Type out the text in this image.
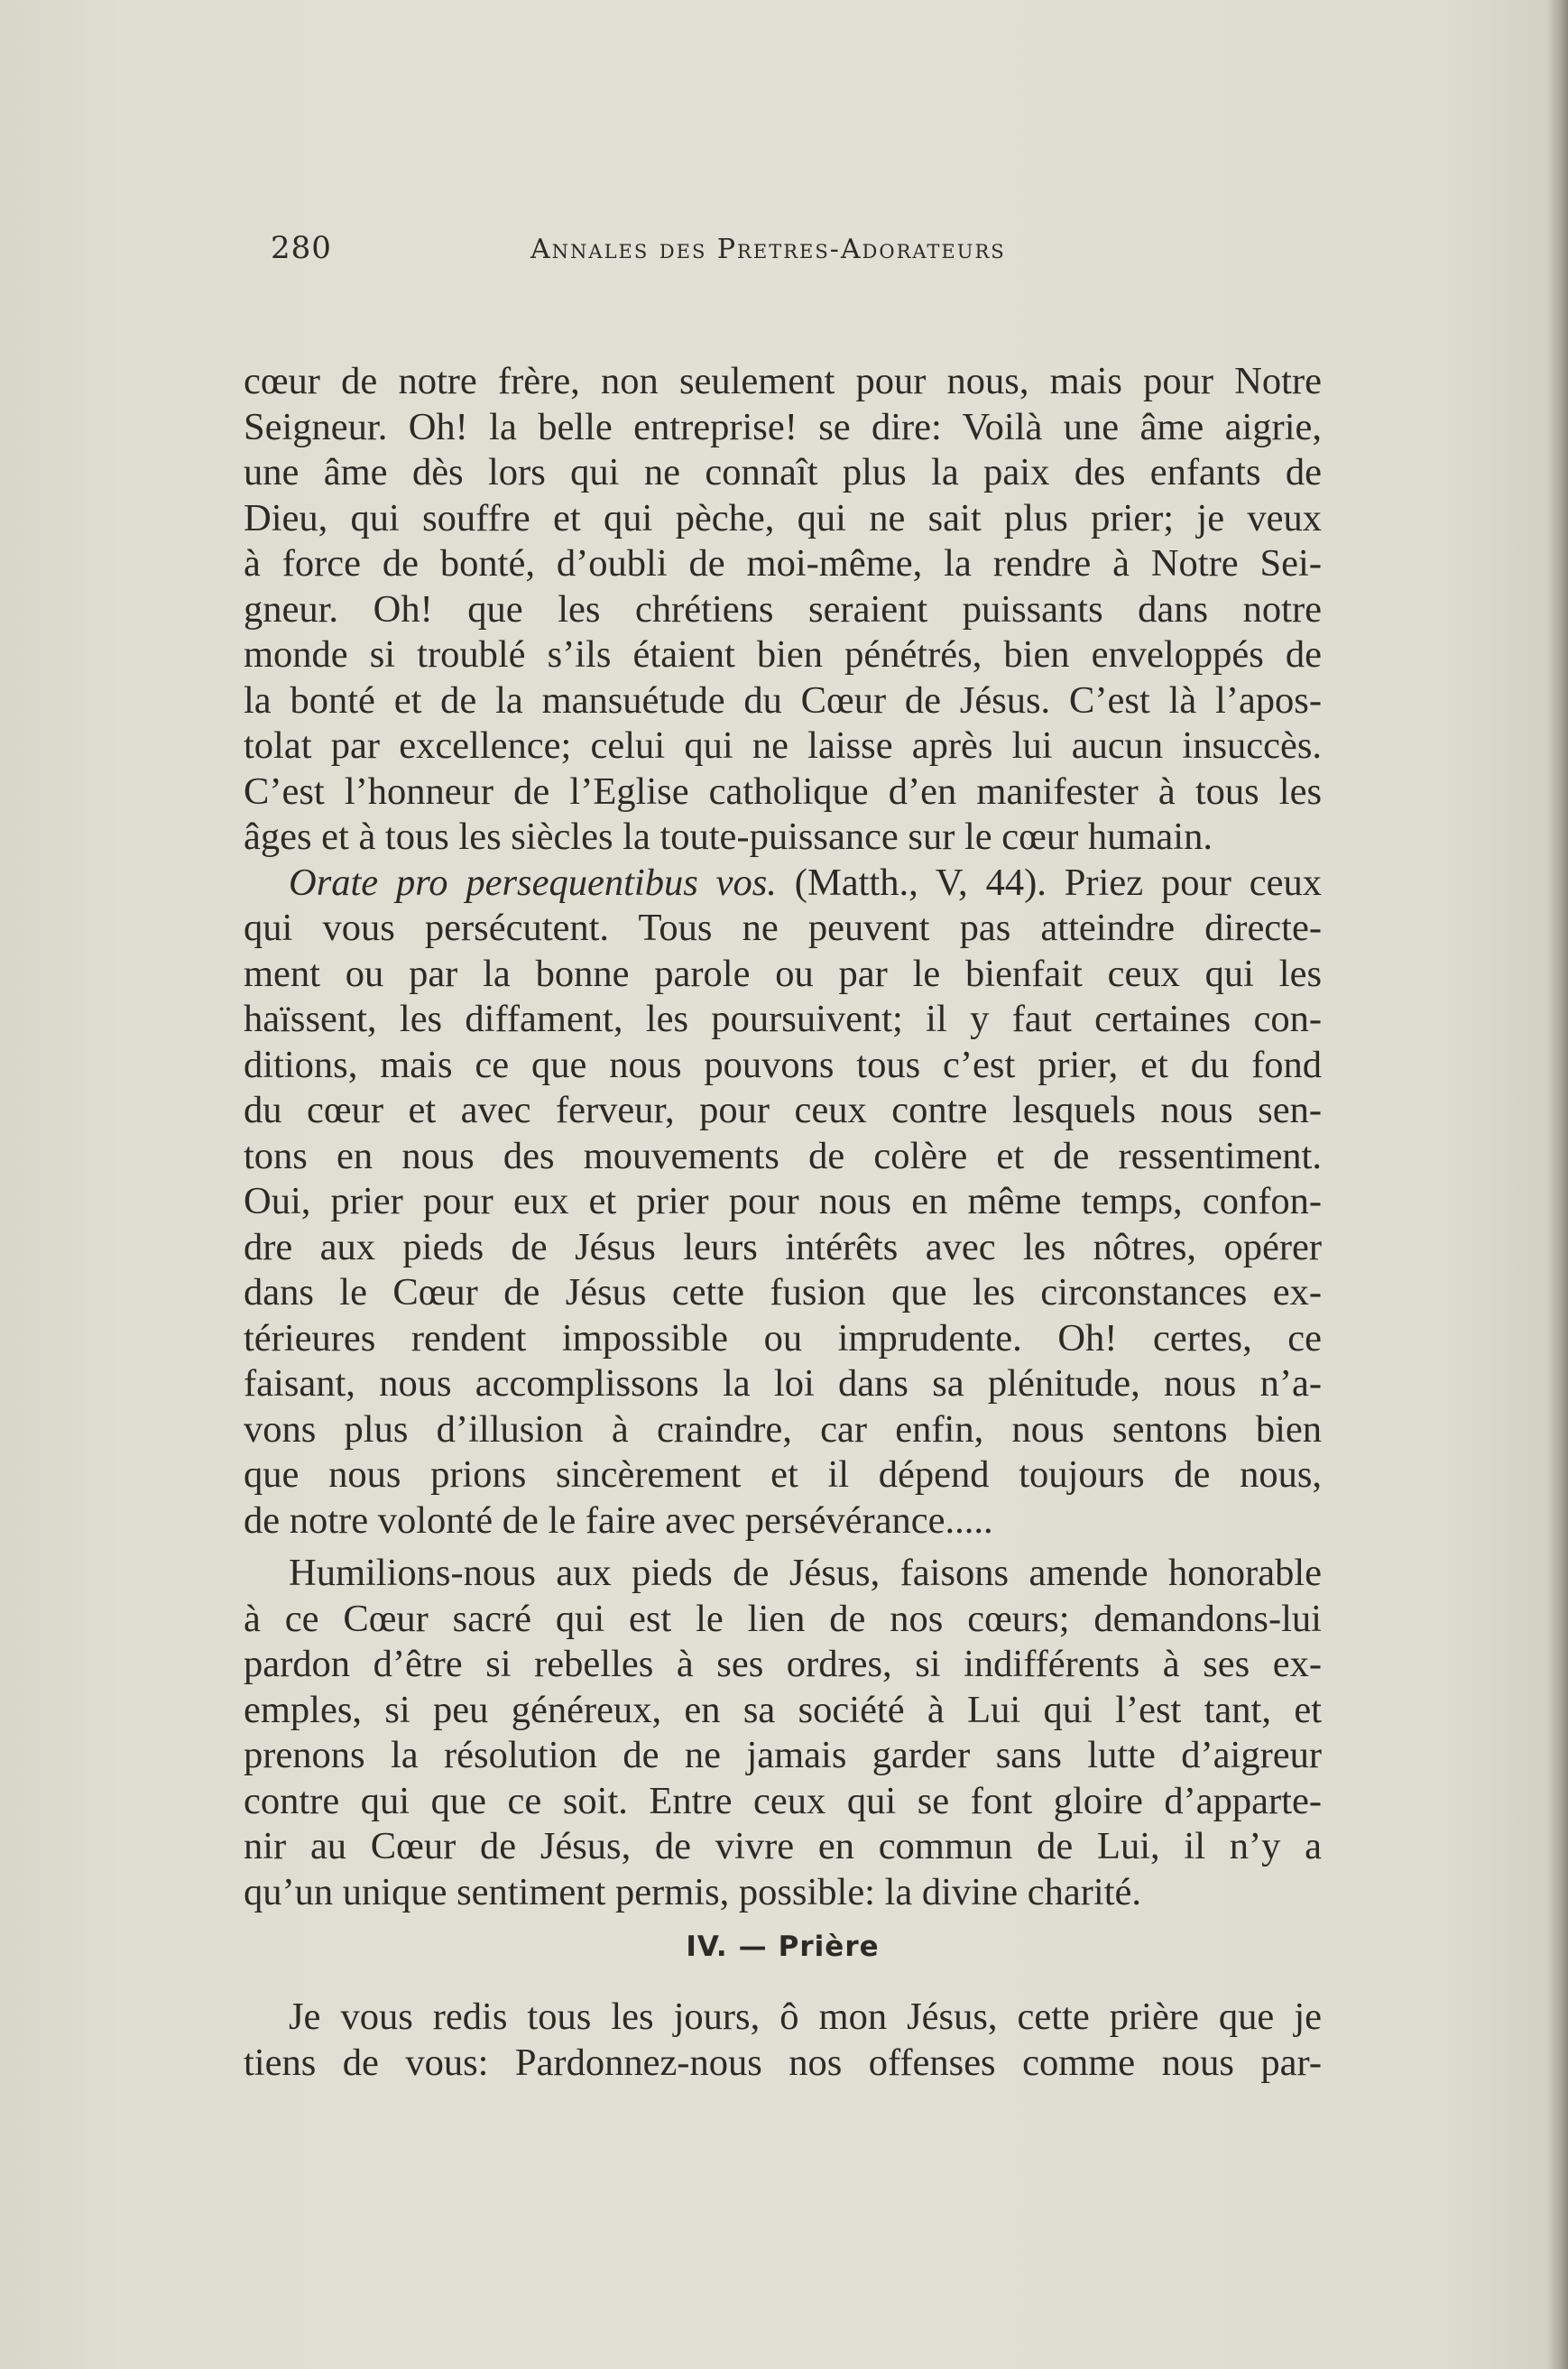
280	Annales des Pretres-Adorateurs

cœur de notre frère, non seulement pour nous, mais pour Notre

Seigneur. Oh! la belle entreprise! se dire: Voilà une âme aigrie,

une âme dès lors qui ne connaît plus la paix des enfants de

Dieu, qui souffre et qui pèche, qui ne sait plus prier; je veux

à force de bonté, d’oubli de moi-même, la rendre à Notre Sei-

gneur. Oh! que les chrétiens seraient puissants dans notre

monde si troublé s’ils étaient bien pénétrés, bien enveloppés de

la bonté et de la mansuétude du Cœur de Jésus. C’est là l’apos-

tolat par excellence; celui qui ne laisse après lui aucun insuccès.

C’est l’honneur de l’Eglise catholique d’en manifester à tous les

âges et à tous les siècles la toute-puissance sur le cœur humain.

Orate pro persequentibus vos. (Matth., V, 44). Priez pour ceux

qui vous persécutent. Tous ne peuvent pas atteindre directe-

ment ou par la bonne parole ou par le bienfait ceux qui les

haïssent, les diffament, les poursuivent; il y faut certaines con-

ditions, mais ce que nous pouvons tous c’est prier, et du fond

du cœur et avec ferveur, pour ceux contre lesquels nous sen-

tons en nous des mouvements de colère et de ressentiment.

Oui, prier pour eux et prier pour nous en même temps, confon-

dre aux pieds de Jésus leurs intérêts avec les nôtres, opérer

dans le Cœur de Jésus cette fusion que les circonstances ex-

térieures rendent impossible ou imprudente. Oh! certes, ce

faisant, nous accomplissons la loi dans sa plénitude, nous n’a-

vons plus d’illusion à craindre, car enfin, nous sentons bien

que nous prions sincèrement et il dépend toujours de nous,

de notre volonté de le faire avec persévérance.....

Humilions-nous aux pieds de Jésus, faisons amende honorable

à ce Cœur sacré qui est le lien de nos cœurs; demandons-lui

pardon d’être si rebelles à ses ordres, si indifférents à ses ex-

emples, si peu généreux, en sa société à Lui qui l’est tant, et

prenons la résolution de ne jamais garder sans lutte d’aigreur

contre qui que ce soit. Entre ceux qui se font gloire d’apparte-

nir au Cœur de Jésus, de vivre en commun de Lui, il n’y a

qu’un unique sentiment permis, possible: la divine charité.

IV. — Prière

Je vous redis tous les jours, ô mon Jésus, cette prière que je

tiens de vous: Pardonnez-nous nos offenses comme nous par-
